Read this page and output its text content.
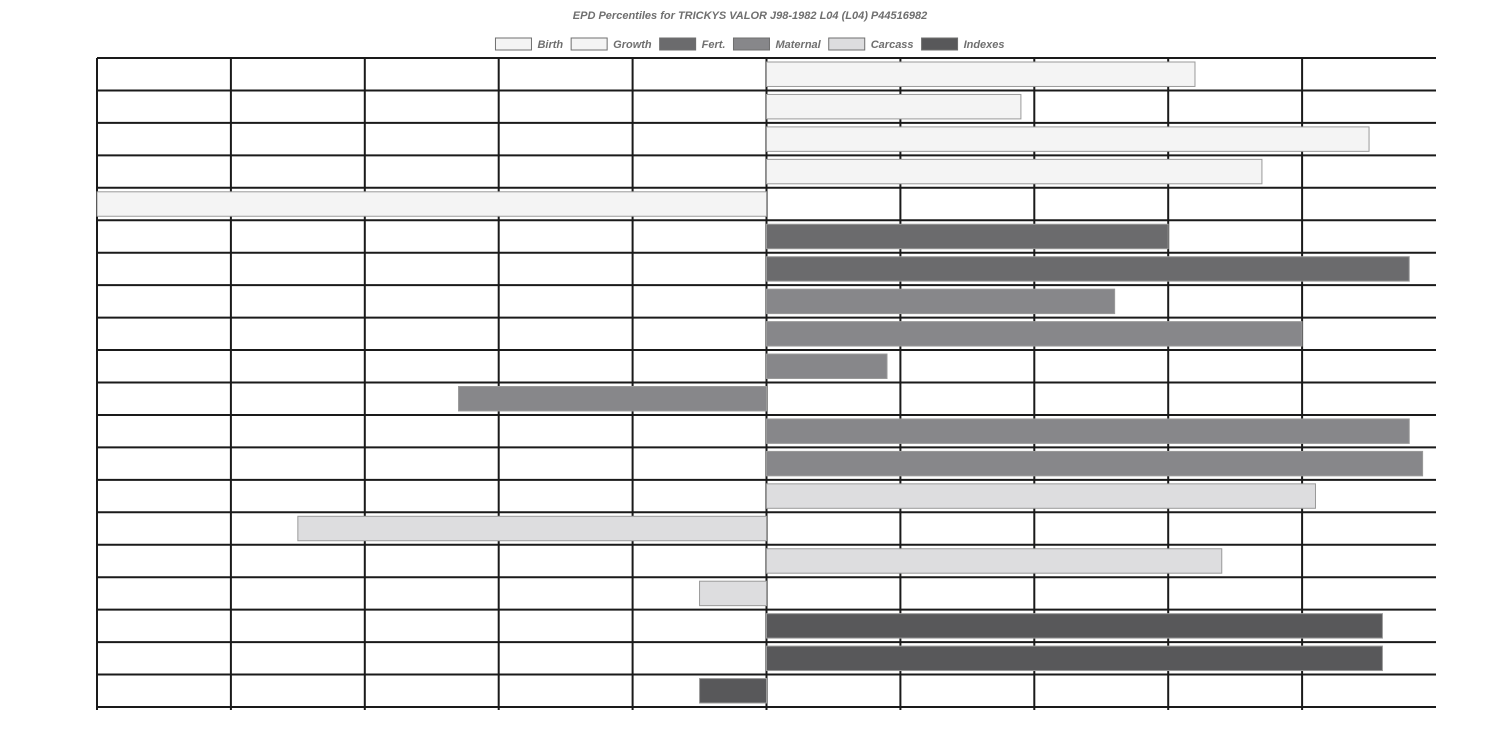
EPD Percentiles for TRICKYS VALOR J98-1982 L04 (L04) P44516982
Birth	Growth	Fert.	Maternal	Carcass	Indexes
